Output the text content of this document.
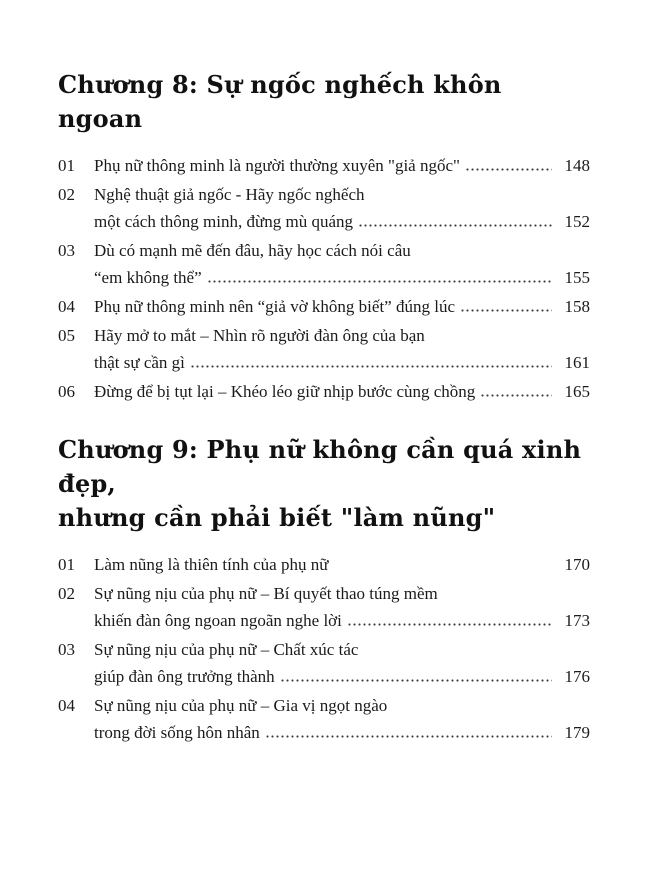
Chương 8: Sự ngốc nghếch khôn ngoan
01	Phụ nữ thông minh là người thường xuyên "giả ngốc"	148
02	Nghệ thuật giả ngốc - Hãy ngốc nghếch
một cách thông minh, đừng mù quáng	152
03	Dù có mạnh mẽ đến đâu, hãy học cách nói câu
“em không thể”	155
04	Phụ nữ thông minh nên “giả vờ không biết” đúng lúc	158
05	Hãy mở to mắt – Nhìn rõ người đàn ông của bạn
thật sự cần gì	161
06	Đừng để bị tụt lại – Khéo léo giữ nhịp bước cùng chồng	165
Chương 9: Phụ nữ không cần quá xinh đẹp,
nhưng cần phải biết "làm nũng"
01	Làm nũng là thiên tính của phụ nữ	170
02	Sự nũng nịu của phụ nữ – Bí quyết thao túng mềm
khiến đàn ông ngoan ngoãn nghe lời	173
03	Sự nũng nịu của phụ nữ – Chất xúc tác
giúp đàn ông trưởng thành	176
04	Sự nũng nịu của phụ nữ – Gia vị ngọt ngào
trong đời sống hôn nhân	179
